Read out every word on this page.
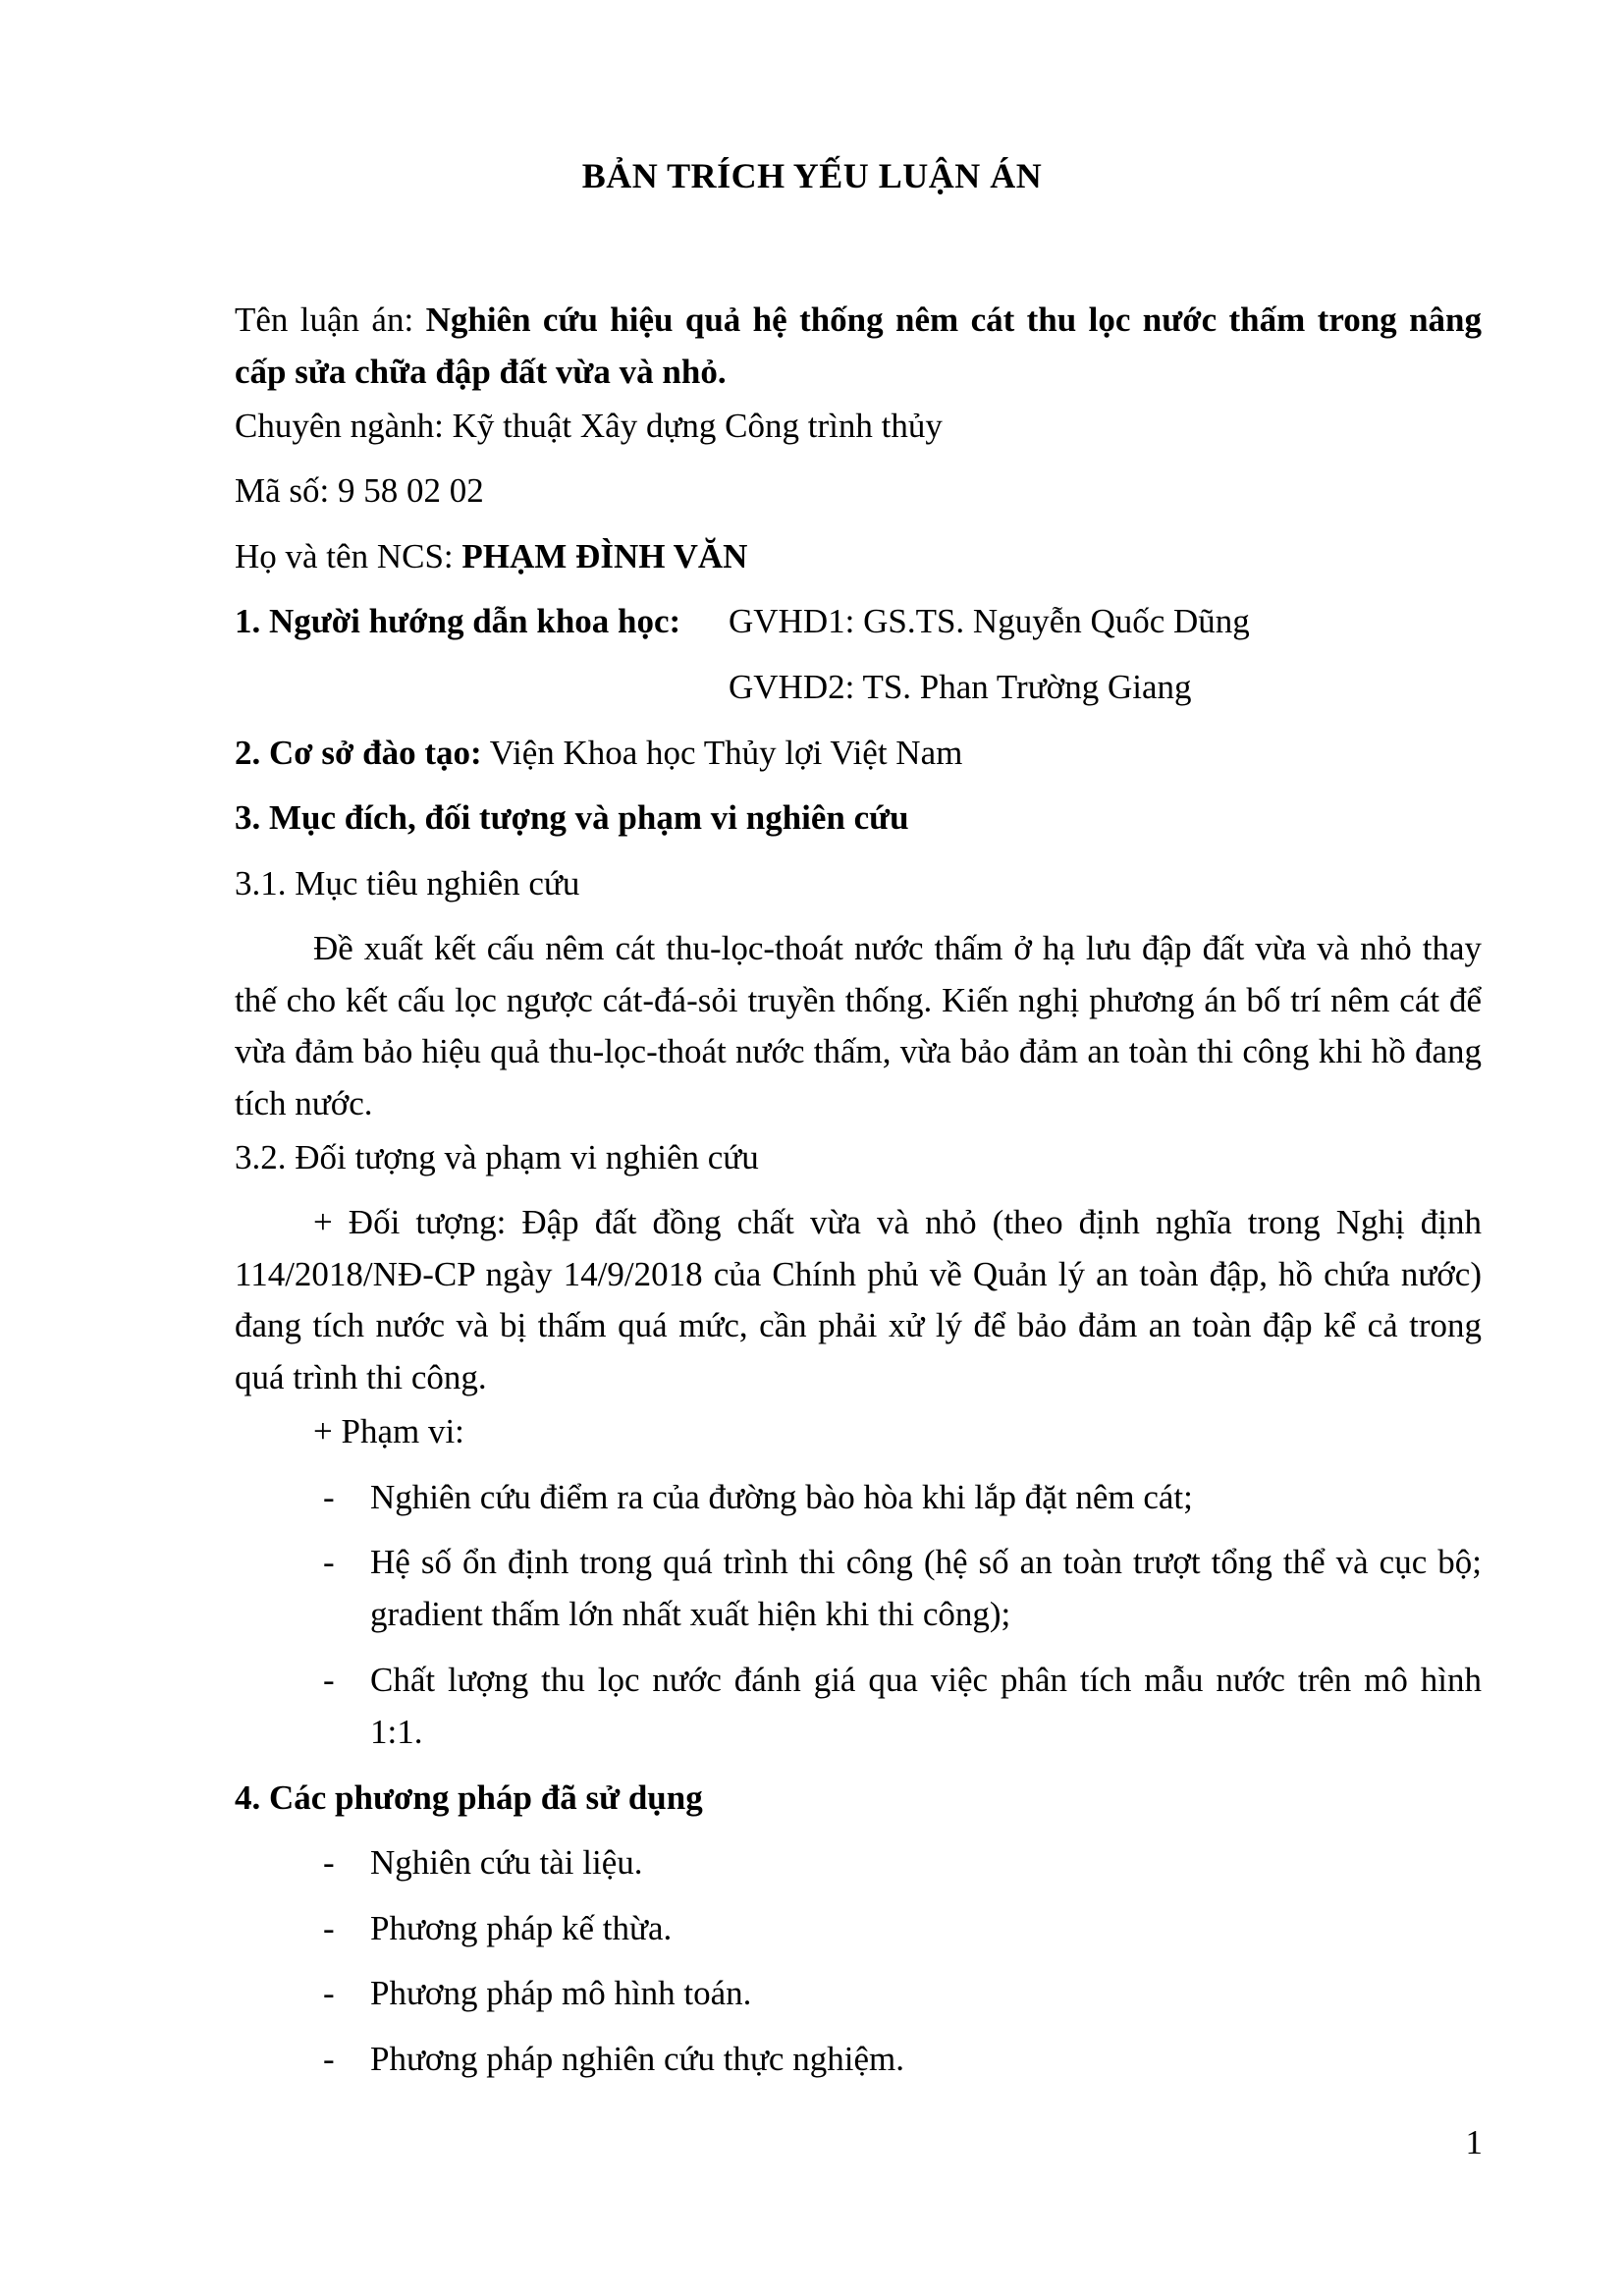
BẢN TRÍCH YẾU LUẬN ÁN
Tên luận án: Nghiên cứu hiệu quả hệ thống nêm cát thu lọc nước thấm trong nâng cấp sửa chữa đập đất vừa và nhỏ.
Chuyên ngành: Kỹ thuật Xây dựng Công trình thủy
Mã số: 9 58 02 02
Họ và tên NCS: PHẠM ĐÌNH VĂN
1. Người hướng dẫn khoa học: GVHD1: GS.TS. Nguyễn Quốc Dũng
GVHD2: TS. Phan Trường Giang
2. Cơ sở đào tạo: Viện Khoa học Thủy lợi Việt Nam
3. Mục đích, đối tượng và phạm vi nghiên cứu
3.1. Mục tiêu nghiên cứu
Đề xuất kết cấu nêm cát thu-lọc-thoát nước thấm ở hạ lưu đập đất vừa và nhỏ thay thế cho kết cấu lọc ngược cát-đá-sỏi truyền thống. Kiến nghị phương án bố trí nêm cát để vừa đảm bảo hiệu quả thu-lọc-thoát nước thấm, vừa bảo đảm an toàn thi công khi hồ đang tích nước.
3.2. Đối tượng và phạm vi nghiên cứu
+ Đối tượng: Đập đất đồng chất vừa và nhỏ (theo định nghĩa trong Nghị định 114/2018/NĐ-CP ngày 14/9/2018 của Chính phủ về Quản lý an toàn đập, hồ chứa nước) đang tích nước và bị thấm quá mức, cần phải xử lý để bảo đảm an toàn đập kể cả trong quá trình thi công.
+ Phạm vi:
- Nghiên cứu điểm ra của đường bào hòa khi lắp đặt nêm cát;
- Hệ số ổn định trong quá trình thi công (hệ số an toàn trượt tổng thể và cục bộ; gradient thấm lớn nhất xuất hiện khi thi công);
- Chất lượng thu lọc nước đánh giá qua việc phân tích mẫu nước trên mô hình 1:1.
4. Các phương pháp đã sử dụng
- Nghiên cứu tài liệu.
- Phương pháp kế thừa.
- Phương pháp mô hình toán.
- Phương pháp nghiên cứu thực nghiệm.
1
